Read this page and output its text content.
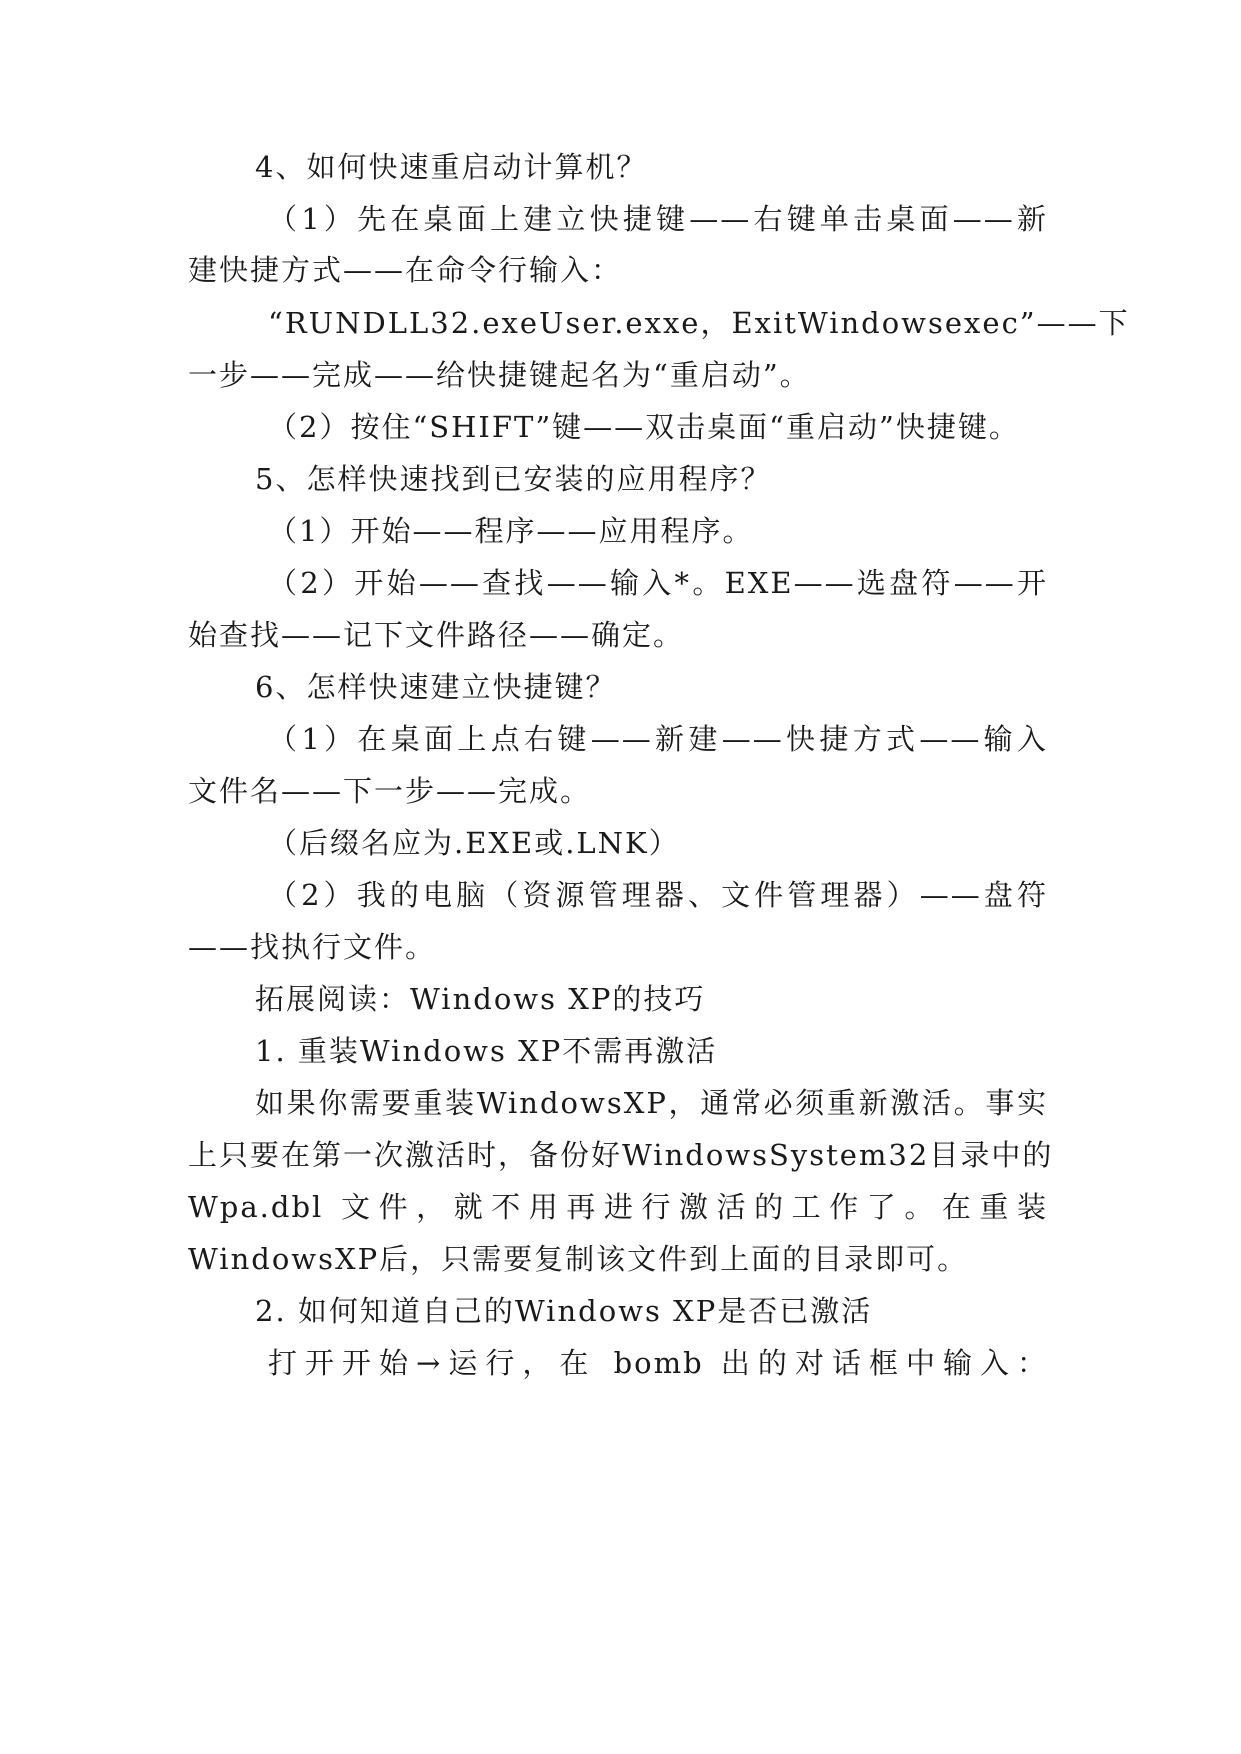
4、如何快速重启动计算机？
（1）先在桌面上建立快捷键——右键单击桌面——新
建快捷方式——在命令行输入：
“RUNDLL32.exeUser.exxe，ExitWindowsexec”——下
一步——完成——给快捷键起名为“重启动”。
（2）按住“SHIFT”键——双击桌面“重启动”快捷键。
5、怎样快速找到已安装的应用程序？
（1）开始——程序——应用程序。
（2）开始——查找——输入*。EXE——选盘符——开
始查找——记下文件路径——确定。
6、怎样快速建立快捷键？
（1）在桌面上点右键——新建——快捷方式——输入
文件名——下一步——完成。
（后缀名应为.EXE或.LNK）
（2）我的电脑（资源管理器、文件管理器）——盘符
——找执行文件。
拓展阅读：Windows XP的技巧
1. 重装Windows XP不需再激活
如果你需要重装WindowsXP，通常必须重新激活。事实
上只要在第一次激活时，备份好WindowsSystem32目录中的
Wpa.dbl 文件，就不用再进行激活的工作了。在重装
WindowsXP后，只需要复制该文件到上面的目录即可。
2. 如何知道自己的Windows XP是否已激活
打开开始→运行，在 bomb 出的对话框中输入：
